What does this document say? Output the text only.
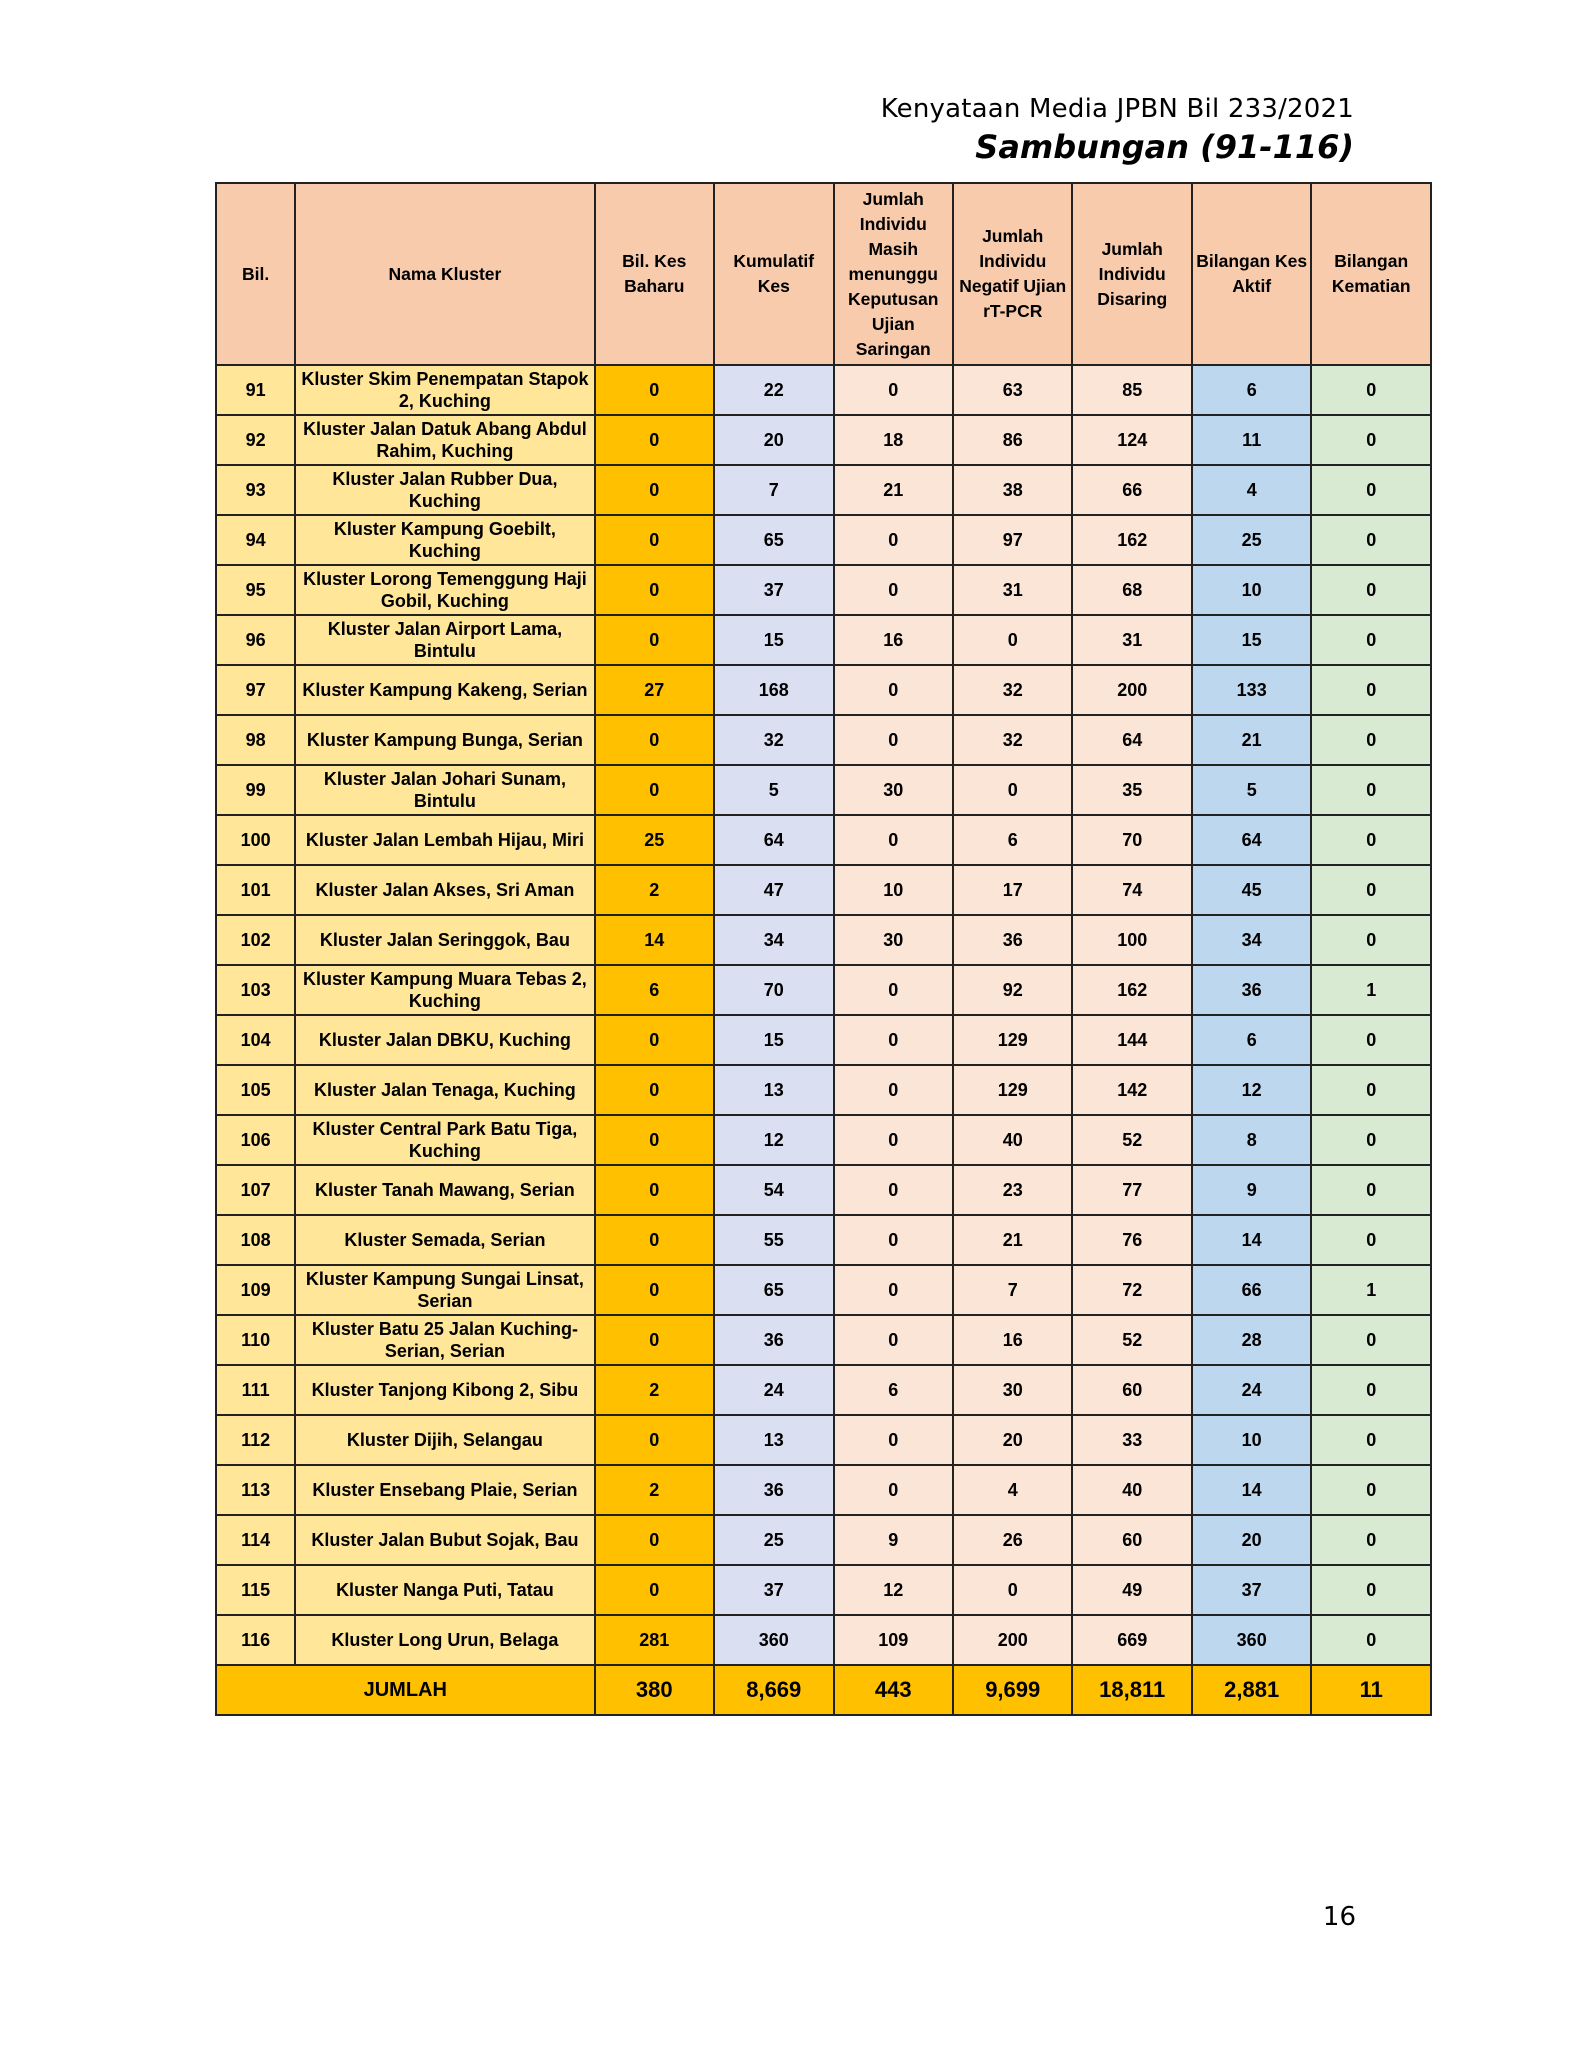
Kenyataan Media JPBN Bil 233/2021
Sambungan (91-116)
Bil.	Nama Kluster	Bil. Kes Baharu	Kumulatif Kes	Jumlah Individu Masih menunggu Keputusan Ujian Saringan	Jumlah Individu Negatif Ujian rT-PCR	Jumlah Individu Disaring	Bilangan Kes Aktif	Bilangan Kematian
91	Kluster Skim Penempatan Stapok 2, Kuching	0	22	0	63	85	6	0
92	Kluster Jalan Datuk Abang Abdul Rahim, Kuching	0	20	18	86	124	11	0
93	Kluster Jalan Rubber Dua, Kuching	0	7	21	38	66	4	0
94	Kluster Kampung Goebilt, Kuching	0	65	0	97	162	25	0
95	Kluster Lorong Temenggung Haji Gobil, Kuching	0	37	0	31	68	10	0
96	Kluster Jalan Airport Lama, Bintulu	0	15	16	0	31	15	0
97	Kluster Kampung Kakeng, Serian	27	168	0	32	200	133	0
98	Kluster Kampung Bunga, Serian	0	32	0	32	64	21	0
99	Kluster Jalan Johari Sunam, Bintulu	0	5	30	0	35	5	0
100	Kluster Jalan Lembah Hijau, Miri	25	64	0	6	70	64	0
101	Kluster Jalan Akses, Sri Aman	2	47	10	17	74	45	0
102	Kluster Jalan Seringgok, Bau	14	34	30	36	100	34	0
103	Kluster Kampung Muara Tebas 2, Kuching	6	70	0	92	162	36	1
104	Kluster Jalan DBKU, Kuching	0	15	0	129	144	6	0
105	Kluster Jalan Tenaga, Kuching	0	13	0	129	142	12	0
106	Kluster Central Park Batu Tiga, Kuching	0	12	0	40	52	8	0
107	Kluster Tanah Mawang, Serian	0	54	0	23	77	9	0
108	Kluster Semada, Serian	0	55	0	21	76	14	0
109	Kluster Kampung Sungai Linsat, Serian	0	65	0	7	72	66	1
110	Kluster Batu 25 Jalan Kuching-Serian, Serian	0	36	0	16	52	28	0
111	Kluster Tanjong Kibong 2, Sibu	2	24	6	30	60	24	0
112	Kluster Dijih, Selangau	0	13	0	20	33	10	0
113	Kluster Ensebang Plaie, Serian	2	36	0	4	40	14	0
114	Kluster Jalan Bubut Sojak, Bau	0	25	9	26	60	20	0
115	Kluster Nanga Puti, Tatau	0	37	12	0	49	37	0
116	Kluster Long Urun, Belaga	281	360	109	200	669	360	0
JUMLAH		380	8,669	443	9,699	18,811	2,881	11
16
